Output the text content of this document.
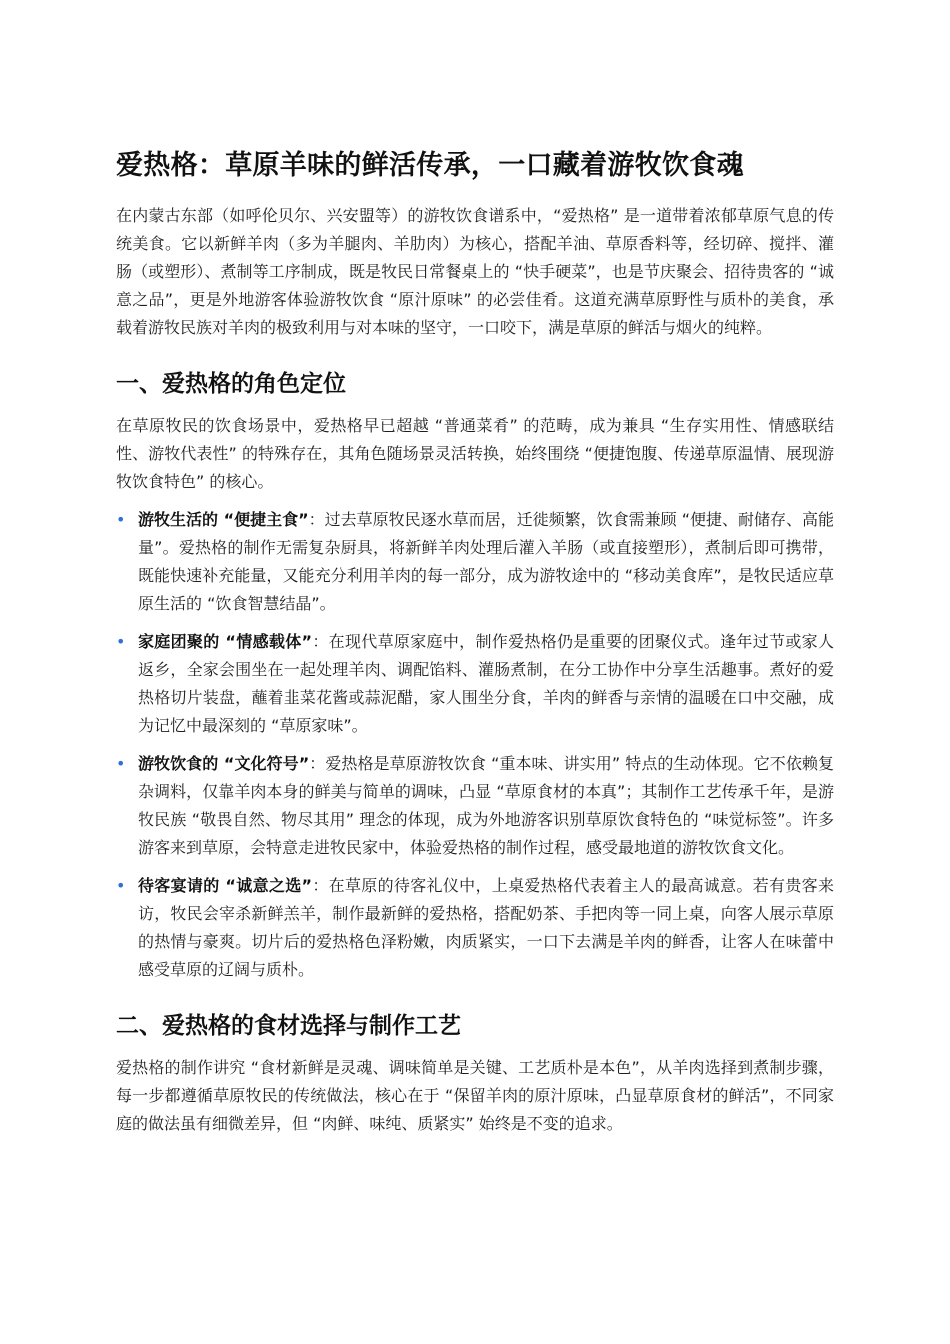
爱热格：草原羊味的鲜活传承，一口藏着游牧饮食魂

在内蒙古东部（如呼伦贝尔、兴安盟等）的游牧饮食谱系中，“爱热格” 是一道带着浓郁草原气息的传统美食。它以新鲜羊肉（多为羊腿肉、羊肋肉）为核心，搭配羊油、草原香料等，经切碎、搅拌、灌肠（或塑形）、煮制等工序制成，既是牧民日常餐桌上的 “快手硬菜”，也是节庆聚会、招待贵客的 “诚意之品”，更是外地游客体验游牧饮食 “原汁原味” 的必尝佳肴。这道充满草原野性与质朴的美食，承载着游牧民族对羊肉的极致利用与对本味的坚守，一口咬下，满是草原的鲜活与烟火的纯粹。

一、爱热格的角色定位

在草原牧民的饮食场景中，爱热格早已超越 “普通菜肴” 的范畴，成为兼具 “生存实用性、情感联结性、游牧代表性” 的特殊存在，其角色随场景灵活转换，始终围绕 “便捷饱腹、传递草原温情、展现游牧饮食特色” 的核心。

• 游牧生活的 “便捷主食”：过去草原牧民逐水草而居，迁徙频繁，饮食需兼顾 “便捷、耐储存、高能量”。爱热格的制作无需复杂厨具，将新鲜羊肉处理后灌入羊肠（或直接塑形），煮制后即可携带，既能快速补充能量，又能充分利用羊肉的每一部分，成为游牧途中的 “移动美食库”，是牧民适应草原生活的 “饮食智慧结晶”。
• 家庭团聚的 “情感载体”：在现代草原家庭中，制作爱热格仍是重要的团聚仪式。逢年过节或家人返乡，全家会围坐在一起处理羊肉、调配馅料、灌肠煮制，在分工协作中分享生活趣事。煮好的爱热格切片装盘，蘸着韭菜花酱或蒜泥醋，家人围坐分食，羊肉的鲜香与亲情的温暖在口中交融，成为记忆中最深刻的 “草原家味”。
• 游牧饮食的 “文化符号”：爱热格是草原游牧饮食 “重本味、讲实用” 特点的生动体现。它不依赖复杂调料，仅靠羊肉本身的鲜美与简单的调味，凸显 “草原食材的本真”；其制作工艺传承千年，是游牧民族 “敬畏自然、物尽其用” 理念的体现，成为外地游客识别草原饮食特色的 “味觉标签”。许多游客来到草原，会特意走进牧民家中，体验爱热格的制作过程，感受最地道的游牧饮食文化。
• 待客宴请的 “诚意之选”：在草原的待客礼仪中，上桌爱热格代表着主人的最高诚意。若有贵客来访，牧民会宰杀新鲜羔羊，制作最新鲜的爱热格，搭配奶茶、手把肉等一同上桌，向客人展示草原的热情与豪爽。切片后的爱热格色泽粉嫩，肉质紧实，一口下去满是羊肉的鲜香，让客人在味蕾中感受草原的辽阔与质朴。
二、爱热格的食材选择与制作工艺

爱热格的制作讲究 “食材新鲜是灵魂、调味简单是关键、工艺质朴是本色”，从羊肉选择到煮制步骤，每一步都遵循草原牧民的传统做法，核心在于 “保留羊肉的原汁原味，凸显草原食材的鲜活”，不同家庭的做法虽有细微差异，但 “肉鲜、味纯、质紧实” 始终是不变的追求。
